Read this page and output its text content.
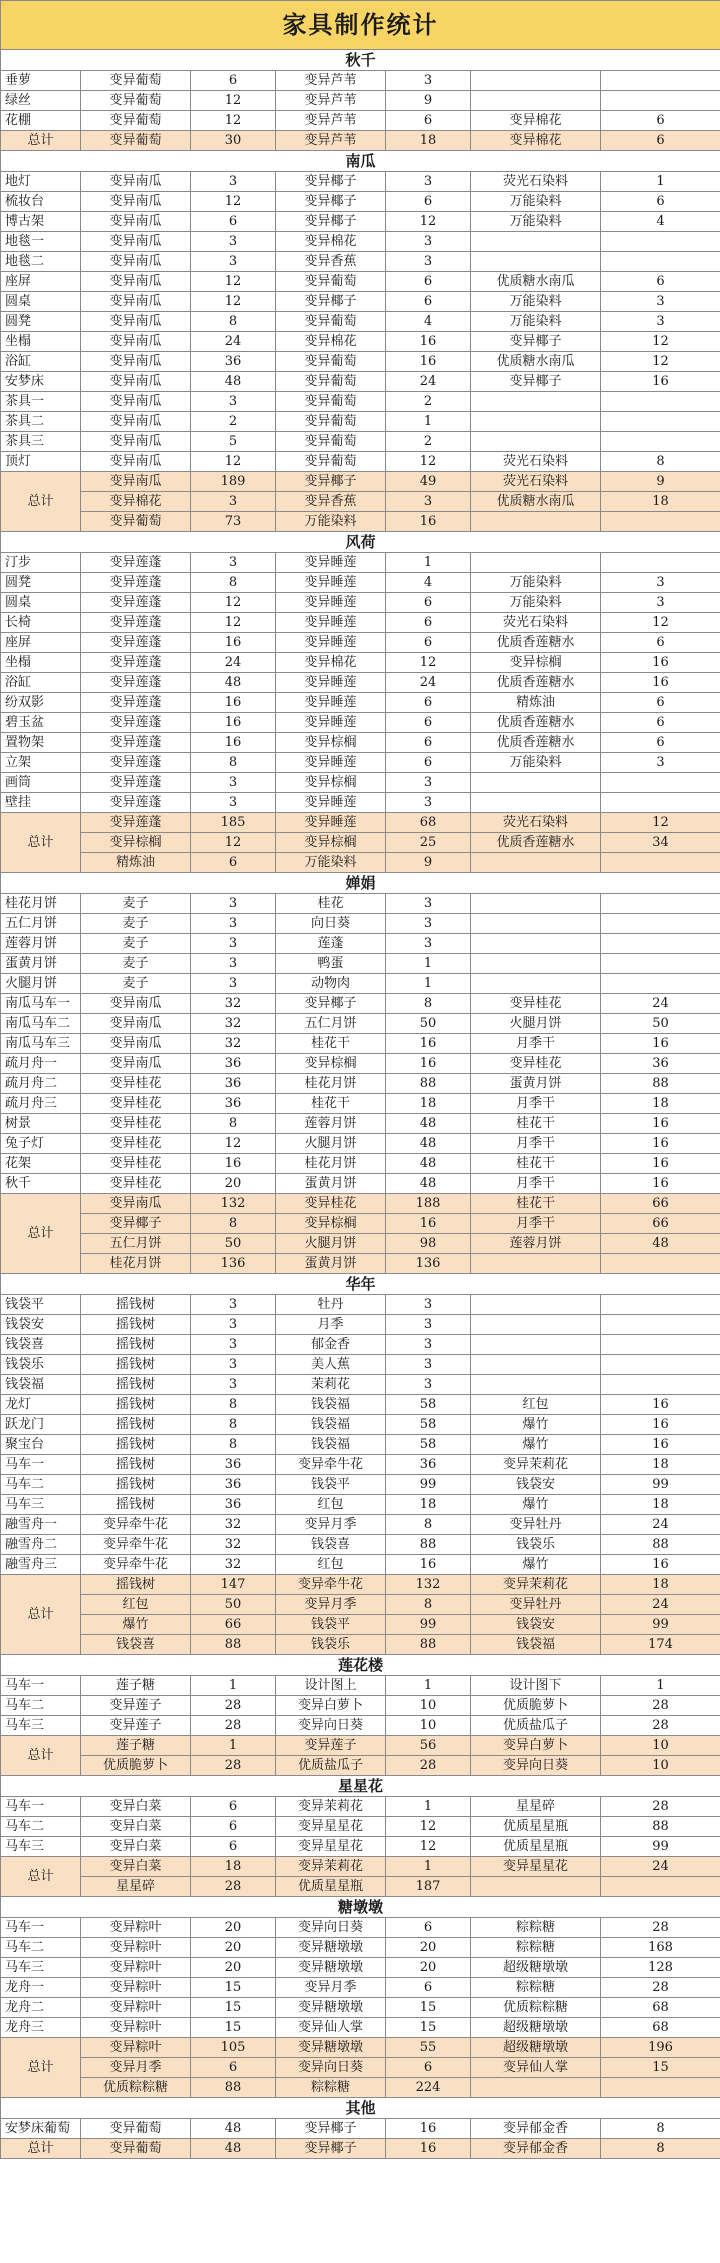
家具制作统计						
秋千						
垂萝	变异葡萄	6	变异芦苇	3		
绿丝	变异葡萄	12	变异芦苇	9		
花棚	变异葡萄	12	变异芦苇	6	变异棉花	6
总计	变异葡萄	30	变异芦苇	18	变异棉花	6
南瓜						
地灯	变异南瓜	3	变异椰子	3	荧光石染料	1
梳妆台	变异南瓜	12	变异椰子	6	万能染料	6
博古架	变异南瓜	6	变异椰子	12	万能染料	4
地毯一	变异南瓜	3	变异棉花	3		
地毯二	变异南瓜	3	变异香蕉	3		
座屏	变异南瓜	12	变异葡萄	6	优质糖水南瓜	6
圆桌	变异南瓜	12	变异椰子	6	万能染料	3
圆凳	变异南瓜	8	变异葡萄	4	万能染料	3
坐榻	变异南瓜	24	变异棉花	16	变异椰子	12
浴缸	变异南瓜	36	变异葡萄	16	优质糖水南瓜	12
安梦床	变异南瓜	48	变异葡萄	24	变异椰子	16
茶具一	变异南瓜	3	变异葡萄	2		
茶具二	变异南瓜	2	变异葡萄	1		
茶具三	变异南瓜	5	变异葡萄	2		
顶灯	变异南瓜	12	变异葡萄	12	荧光石染料	8
总计	变异南瓜	189	变异椰子	49	荧光石染料	9
	变异棉花	3	变异香蕉	3	优质糖水南瓜	18
	变异葡萄	73	万能染料	16		
风荷						
汀步	变异莲蓬	3	变异睡莲	1		
圆凳	变异莲蓬	8	变异睡莲	4	万能染料	3
圆桌	变异莲蓬	12	变异睡莲	6	万能染料	3
长椅	变异莲蓬	12	变异睡莲	6	荧光石染料	12
座屏	变异莲蓬	16	变异睡莲	6	优质香莲糖水	6
坐榻	变异莲蓬	24	变异棉花	12	变异棕榈	16
浴缸	变异莲蓬	48	变异睡莲	24	优质香莲糖水	16
纷双影	变异莲蓬	16	变异睡莲	6	精炼油	6
碧玉盆	变异莲蓬	16	变异睡莲	6	优质香莲糖水	6
置物架	变异莲蓬	16	变异棕榈	6	优质香莲糖水	6
立架	变异莲蓬	8	变异睡莲	6	万能染料	3
画筒	变异莲蓬	3	变异棕榈	3		
壁挂	变异莲蓬	3	变异睡莲	3		
总计	变异莲蓬	185	变异睡莲	68	荧光石染料	12
	变异棕榈	12	变异棕榈	25	优质香莲糖水	34
	精炼油	6	万能染料	9		
婵娟						
桂花月饼	麦子	3	桂花	3		
五仁月饼	麦子	3	向日葵	3		
莲蓉月饼	麦子	3	莲蓬	3		
蛋黄月饼	麦子	3	鸭蛋	1		
火腿月饼	麦子	3	动物肉	1		
南瓜马车一	变异南瓜	32	变异椰子	8	变异桂花	24
南瓜马车二	变异南瓜	32	五仁月饼	50	火腿月饼	50
南瓜马车三	变异南瓜	32	桂花干	16	月季干	16
疏月舟一	变异南瓜	36	变异棕榈	16	变异桂花	36
疏月舟二	变异桂花	36	桂花月饼	88	蛋黄月饼	88
疏月舟三	变异桂花	36	桂花干	18	月季干	18
树景	变异桂花	8	莲蓉月饼	48	桂花干	16
兔子灯	变异桂花	12	火腿月饼	48	月季干	16
花架	变异桂花	16	桂花月饼	48	桂花干	16
秋千	变异桂花	20	蛋黄月饼	48	月季干	16
总计	变异南瓜	132	变异桂花	188	桂花干	66
	变异椰子	8	变异棕榈	16	月季干	66
	五仁月饼	50	火腿月饼	98	莲蓉月饼	48
	桂花月饼	136	蛋黄月饼	136		
华年						
钱袋平	摇钱树	3	牡丹	3		
钱袋安	摇钱树	3	月季	3		
钱袋喜	摇钱树	3	郁金香	3		
钱袋乐	摇钱树	3	美人蕉	3		
钱袋福	摇钱树	3	茉莉花	3		
龙灯	摇钱树	8	钱袋福	58	红包	16
跃龙门	摇钱树	8	钱袋福	58	爆竹	16
聚宝台	摇钱树	8	钱袋福	58	爆竹	16
马车一	摇钱树	36	变异牵牛花	36	变异茉莉花	18
马车二	摇钱树	36	钱袋平	99	钱袋安	99
马车三	摇钱树	36	红包	18	爆竹	18
融雪舟一	变异牵牛花	32	变异月季	8	变异牡丹	24
融雪舟二	变异牵牛花	32	钱袋喜	88	钱袋乐	88
融雪舟三	变异牵牛花	32	红包	16	爆竹	16
总计	摇钱树	147	变异牵牛花	132	变异茉莉花	18
	红包	50	变异月季	8	变异牡丹	24
	爆竹	66	钱袋平	99	钱袋安	99
	钱袋喜	88	钱袋乐	88	钱袋福	174
莲花楼						
马车一	莲子糖	1	设计图上	1	设计图下	1
马车二	变异莲子	28	变异白萝卜	10	优质脆萝卜	28
马车三	变异莲子	28	变异向日葵	10	优质盐瓜子	28
总计	莲子糖	1	变异莲子	56	变异白萝卜	10
	优质脆萝卜	28	优质盐瓜子	28	变异向日葵	10
星星花						
马车一	变异白菜	6	变异茉莉花	1	星星碎	28
马车二	变异白菜	6	变异星星花	12	优质星星瓶	88
马车三	变异白菜	6	变异星星花	12	优质星星瓶	99
总计	变异白菜	18	变异茉莉花	1	变异星星花	24
	星星碎	28	优质星星瓶	187		
糖墩墩						
马车一	变异粽叶	20	变异向日葵	6	粽粽糖	28
马车二	变异粽叶	20	变异糖墩墩	20	粽粽糖	168
马车三	变异粽叶	20	变异糖墩墩	20	超级糖墩墩	128
龙舟一	变异粽叶	15	变异月季	6	粽粽糖	28
龙舟二	变异粽叶	15	变异糖墩墩	15	优质粽粽糖	68
龙舟三	变异粽叶	15	变异仙人掌	15	超级糖墩墩	68
总计	变异粽叶	105	变异糖墩墩	55	超级糖墩墩	196
	变异月季	6	变异向日葵	6	变异仙人掌	15
	优质粽粽糖	88	粽粽糖	224		
其他						
安梦床葡萄	变异葡萄	48	变异椰子	16	变异郁金香	8
总计	变异葡萄	48	变异椰子	16	变异郁金香	8
